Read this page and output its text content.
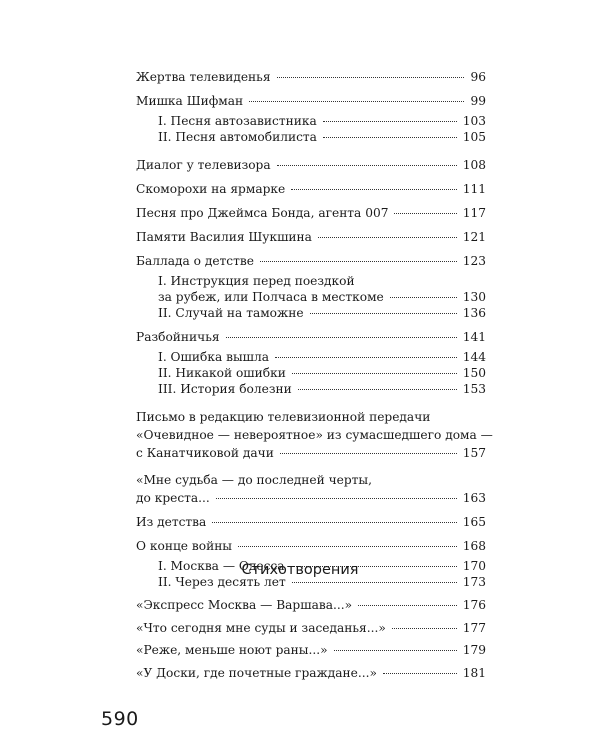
Жертва телевиденья	96
Мишка Шифман	99
I. Песня автозавистника	103
II. Песня автомобилиста	105
Диалог у телевизора	108
Скоморохи на ярмарке	111
Песня про Джеймса Бонда, агента 007	117
Памяти Василия Шукшина	121
Баллада о детстве	123
I. Инструкция перед поездкой
за рубеж, или Полчаса в месткоме	130
II. Случай на таможне	136
Разбойничья	141
I. Ошибка вышла	144
II. Никакой ошибки	150
III. История болезни	153
Письмо в редакцию телевизионной передачи
«Очевидное — невероятное» из сумасшедшего дома —
с Канатчиковой дачи	157
«Мне судьба — до последней черты,
до креста...	163
Из детства	165
О конце войны	168
I. Москва — Одесса	170
II. Через десять лет	173
Стихотворения
«Экспресс Москва — Варшава...»	176
«Что сегодня мне суды и заседанья...»	177
«Реже, меньше ноют раны...»	179
«У Доски, где почетные граждане...»	181
590
